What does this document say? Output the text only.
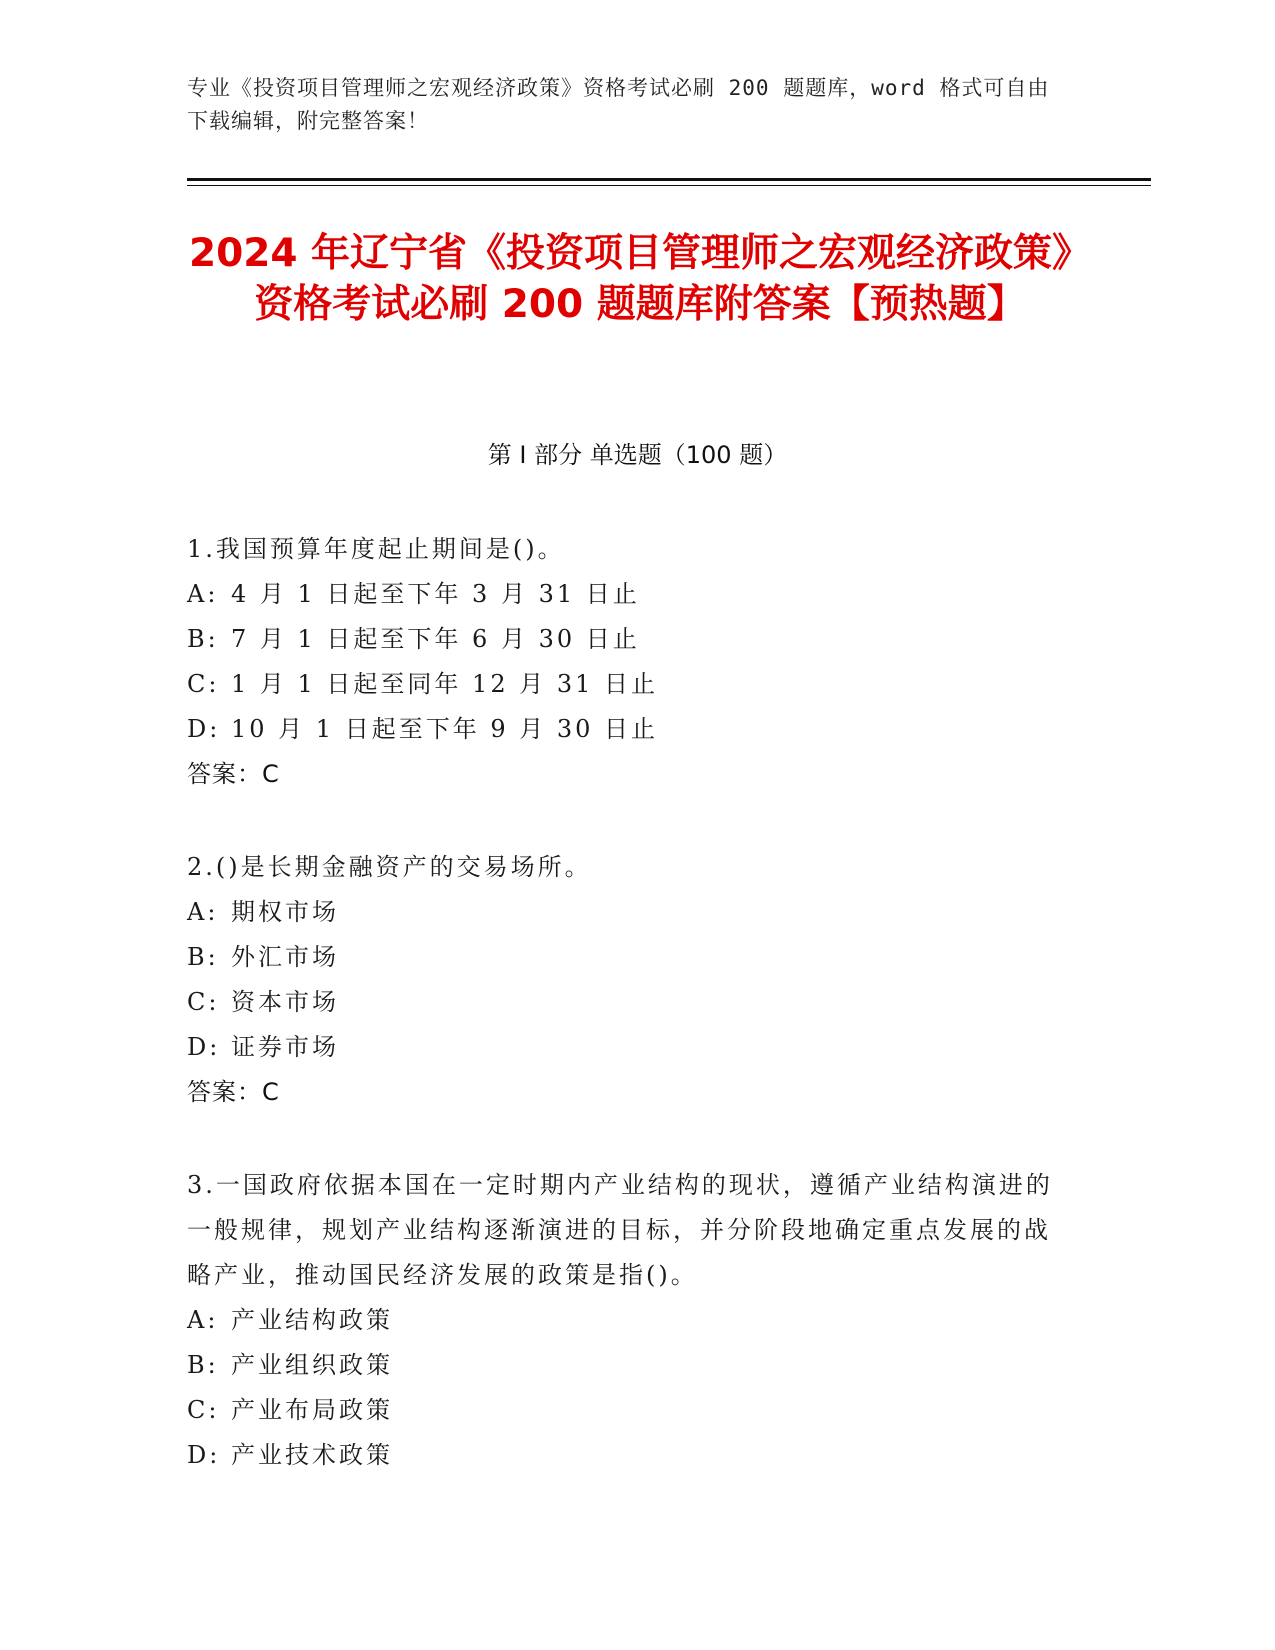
专业《投资项目管理师之宏观经济政策》资格考试必刷 200 题题库，word 格式可自由下载编辑，附完整答案！
2024 年辽宁省《投资项目管理师之宏观经济政策》资格考试必刷 200 题题库附答案【预热题】
第 I 部分 单选题（100 题）
1.我国预算年度起止期间是()。
A: 4 月 1 日起至下年 3 月 31 日止
B: 7 月 1 日起至下年 6 月 30 日止
C: 1 月 1 日起至同年 12 月 31 日止
D: 10 月 1 日起至下年 9 月 30 日止
答案：C
2.()是长期金融资产的交易场所。
A: 期权市场
B: 外汇市场
C: 资本市场
D: 证券市场
答案：C
3.一国政府依据本国在一定时期内产业结构的现状，遵循产业结构演进的一般规律，规划产业结构逐渐演进的目标，并分阶段地确定重点发展的战略产业，推动国民经济发展的政策是指()。
A: 产业结构政策
B: 产业组织政策
C: 产业布局政策
D: 产业技术政策
